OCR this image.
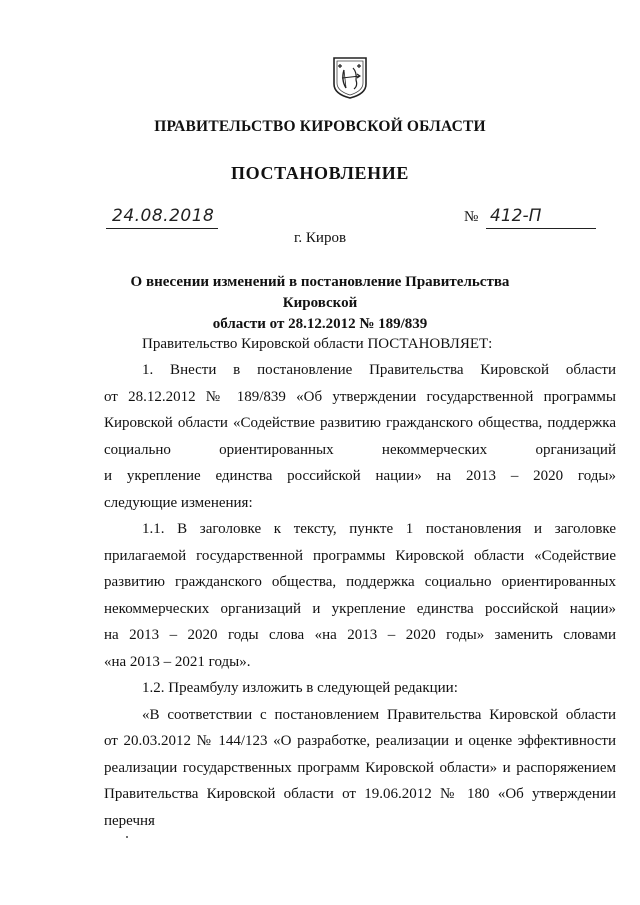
ПРАВИТЕЛЬСТВО КИРОВСКОЙ ОБЛАСТИ
ПОСТАНОВЛЕНИЕ
24.08.2018	№ 412-П
г. Киров
О внесении изменений в постановление Правительства Кировской
области от 28.12.2012 № 189/839
Правительство Кировской области ПОСТАНОВЛЯЕТ:
1. Внести в постановление Правительства Кировской области
от 28.12.2012 № 189/839 «Об утверждении государственной программы
Кировской области «Содействие развитию гражданского общества, поддержка
социально ориентированных некоммерческих организаций
и укрепление единства российской нации» на 2013 – 2020 годы»
следующие изменения:
1.1. В заголовке к тексту, пункте 1 постановления и заголовке
прилагаемой государственной программы Кировской области «Содействие
развитию гражданского общества, поддержка социально ориентированных
некоммерческих организаций и укрепление единства российской нации»
на 2013 – 2020 годы слова «на 2013 – 2020 годы» заменить словами
«на 2013 – 2021 годы».
1.2. Преамбулу изложить в следующей редакции:
«В соответствии с постановлением Правительства Кировской области
от 20.03.2012 № 144/123 «О разработке, реализации и оценке эффективности
реализации государственных программ Кировской области» и распоряжением
Правительства Кировской области от 19.06.2012 № 180 «Об утверждении перечня
